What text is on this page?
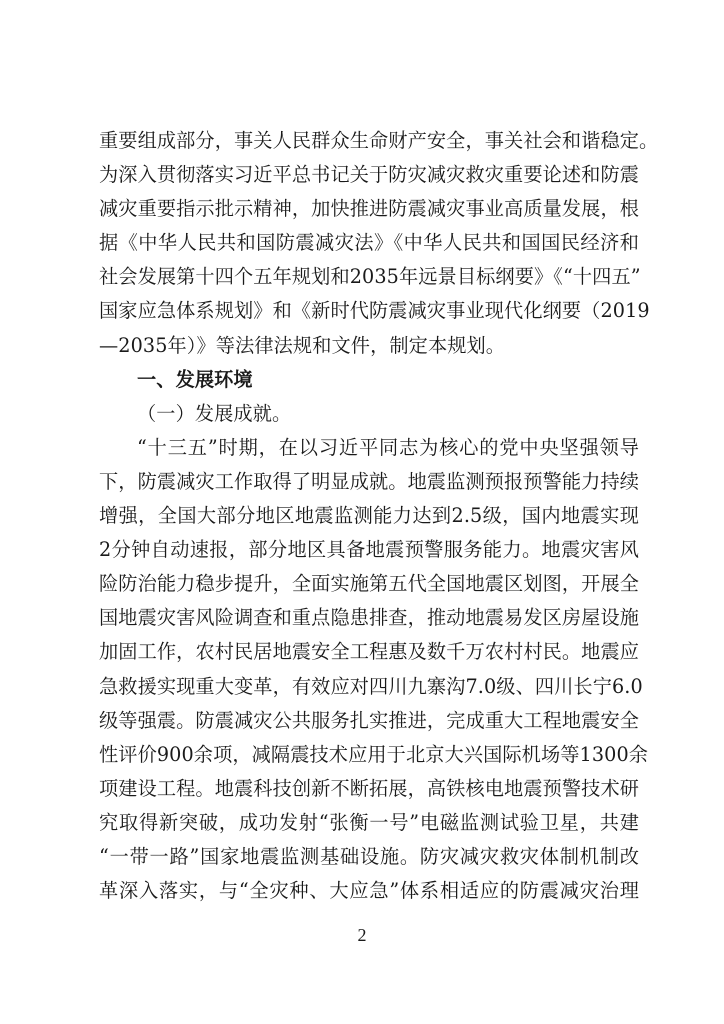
重要组成部分，事关人民群众生命财产安全，事关社会和谐稳定。
为深入贯彻落实习近平总书记关于防灾减灾救灾重要论述和防震
减灾重要指示批示精神，加快推进防震减灾事业高质量发展，根
据《中华人民共和国防震减灾法》《中华人民共和国国民经济和
社会发展第十四个五年规划和2035年远景目标纲要》《“十四五”
国家应急体系规划》和《新时代防震减灾事业现代化纲要（2019
—2035年）》等法律法规和文件，制定本规划。
一、发展环境
（一）发展成就。
“十三五”时期，在以习近平同志为核心的党中央坚强领导
下，防震减灾工作取得了明显成就。地震监测预报预警能力持续
增强，全国大部分地区地震监测能力达到2.5级，国内地震实现
2分钟自动速报，部分地区具备地震预警服务能力。地震灾害风
险防治能力稳步提升，全面实施第五代全国地震区划图，开展全
国地震灾害风险调查和重点隐患排查，推动地震易发区房屋设施
加固工作，农村民居地震安全工程惠及数千万农村村民。地震应
急救援实现重大变革，有效应对四川九寨沟7.0级、四川长宁6.0
级等强震。防震减灾公共服务扎实推进，完成重大工程地震安全
性评价900余项，减隔震技术应用于北京大兴国际机场等1300余
项建设工程。地震科技创新不断拓展，高铁核电地震预警技术研
究取得新突破，成功发射“张衡一号”电磁监测试验卫星，共建
“一带一路”国家地震监测基础设施。防灾减灾救灾体制机制改
革深入落实，与“全灾种、大应急”体系相适应的防震减灾治理
2
